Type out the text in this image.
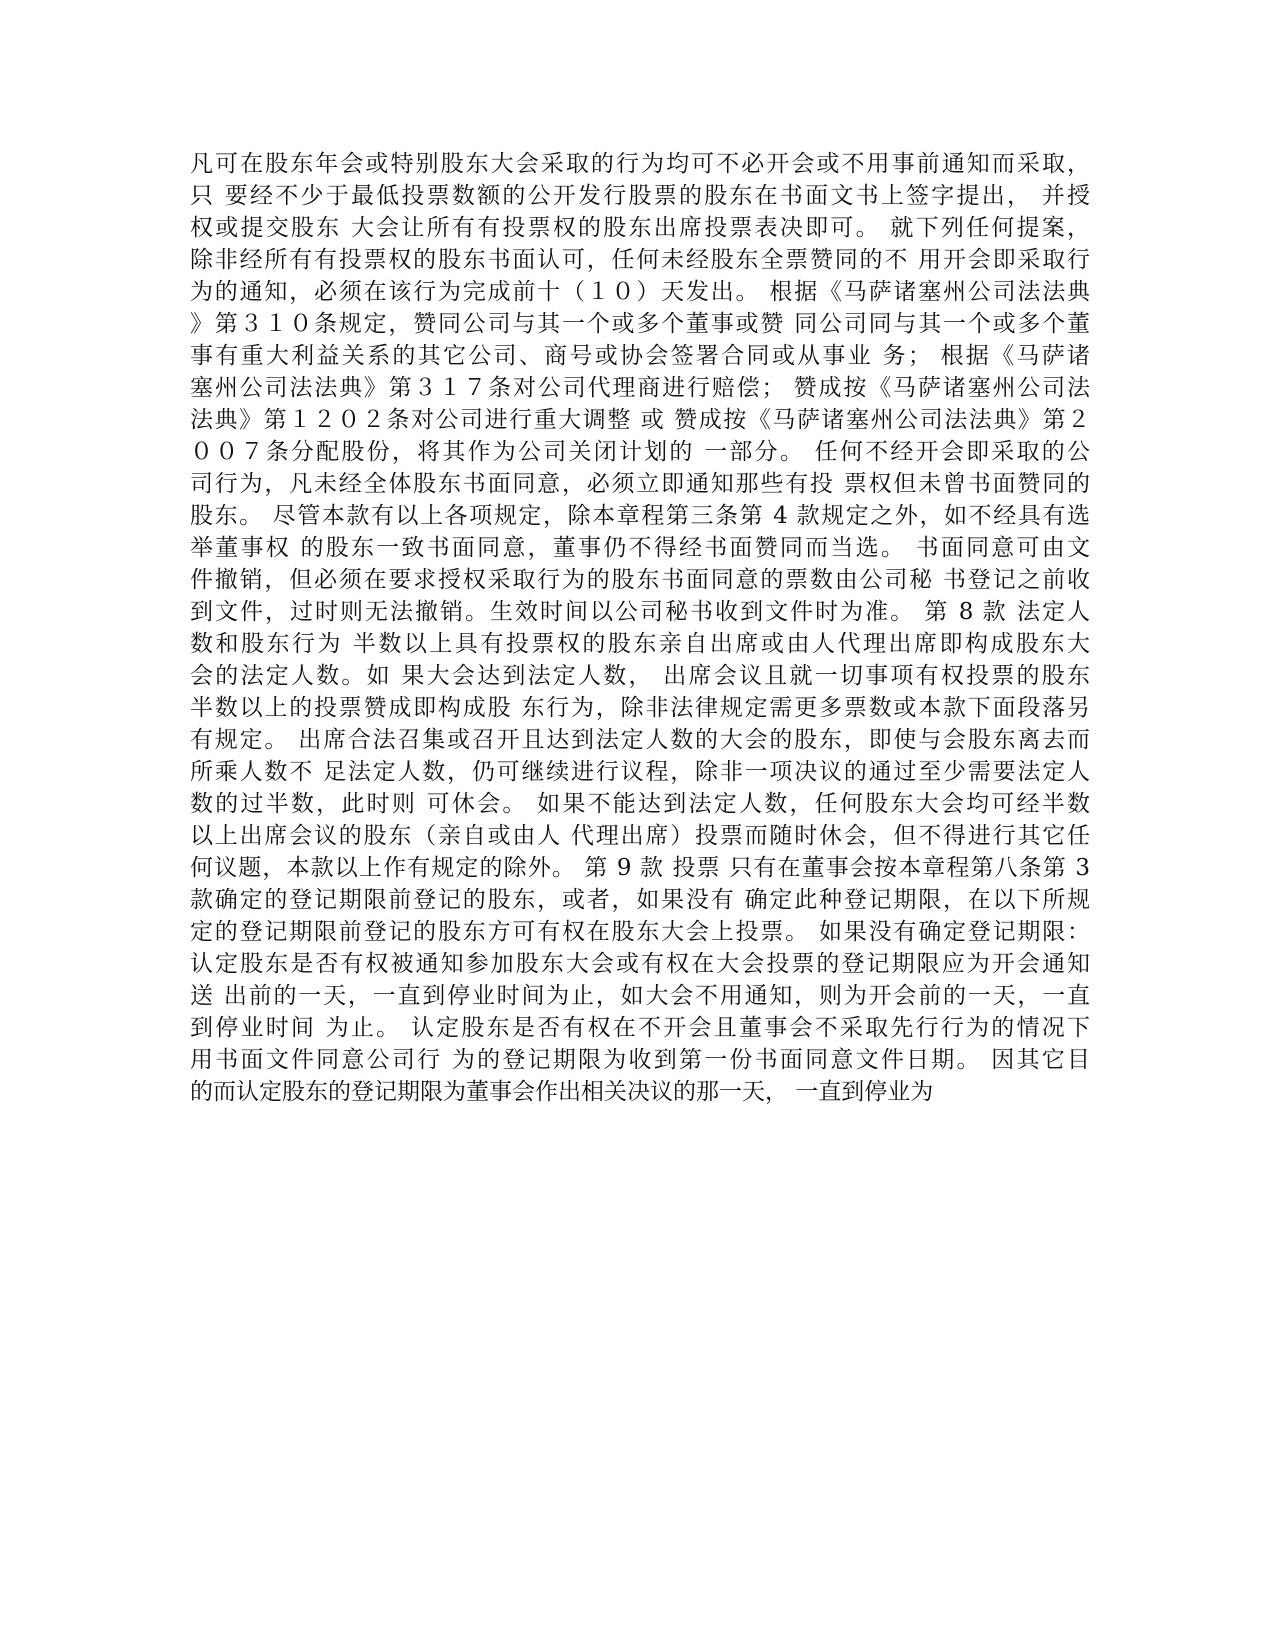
凡可在股东年会或特别股东大会采取的行为均可不必开会或不用事前通知而采取，
只 要经不少于最低投票数额的公开发行股票的股东在书面文书上签字提出， 并授
权或提交股东 大会让所有有投票权的股东出席投票表决即可。 就下列任何提案，
除非经所有有投票权的股东书面认可，任何未经股东全票赞同的不 用开会即采取行
为的通知，必须在该行为完成前十（１０）天发出。 根据《马萨诸塞州公司法法典
》第３１０条规定，赞同公司与其一个或多个董事或赞 同公司同与其一个或多个董
事有重大利益关系的其它公司、商号或协会签署合同或从事业 务； 根据《马萨诸
塞州公司法法典》第３１７条对公司代理商进行赔偿； 赞成按《马萨诸塞州公司法
法典》第１２０２条对公司进行重大调整 或 赞成按《马萨诸塞州公司法法典》第２
００７条分配股份，将其作为公司关闭计划的 一部分。 任何不经开会即采取的公
司行为，凡未经全体股东书面同意，必须立即通知那些有投 票权但未曾书面赞同的
股东。 尽管本款有以上各项规定，除本章程第三条第 4 款规定之外，如不经具有选
举董事权 的股东一致书面同意，董事仍不得经书面赞同而当选。 书面同意可由文
件撤销，但必须在要求授权采取行为的股东书面同意的票数由公司秘 书登记之前收
到文件，过时则无法撤销。生效时间以公司秘书收到文件时为准。 第 8 款 法定人
数和股东行为 半数以上具有投票权的股东亲自出席或由人代理出席即构成股东大
会的法定人数。如 果大会达到法定人数， 出席会议且就一切事项有权投票的股东
半数以上的投票赞成即构成股 东行为，除非法律规定需更多票数或本款下面段落另
有规定。 出席合法召集或召开且达到法定人数的大会的股东，即使与会股东离去而
所乘人数不 足法定人数，仍可继续进行议程，除非一项决议的通过至少需要法定人
数的过半数，此时则 可休会。 如果不能达到法定人数，任何股东大会均可经半数
以上出席会议的股东（亲自或由人 代理出席）投票而随时休会，但不得进行其它任
何议题，本款以上作有规定的除外。 第 9 款 投票 只有在董事会按本章程第八条第 3
款确定的登记期限前登记的股东，或者，如果没有 确定此种登记期限，在以下所规
定的登记期限前登记的股东方可有权在股东大会上投票。 如果没有确定登记期限：
认定股东是否有权被通知参加股东大会或有权在大会投票的登记期限应为开会通知
送 出前的一天，一直到停业时间为止，如大会不用通知，则为开会前的一天，一直
到停业时间 为止。 认定股东是否有权在不开会且董事会不采取先行行为的情况下
用书面文件同意公司行 为的登记期限为收到第一份书面同意文件日期。 因其它目
的而认定股东的登记期限为董事会作出相关决议的那一天， 一直到停业为
